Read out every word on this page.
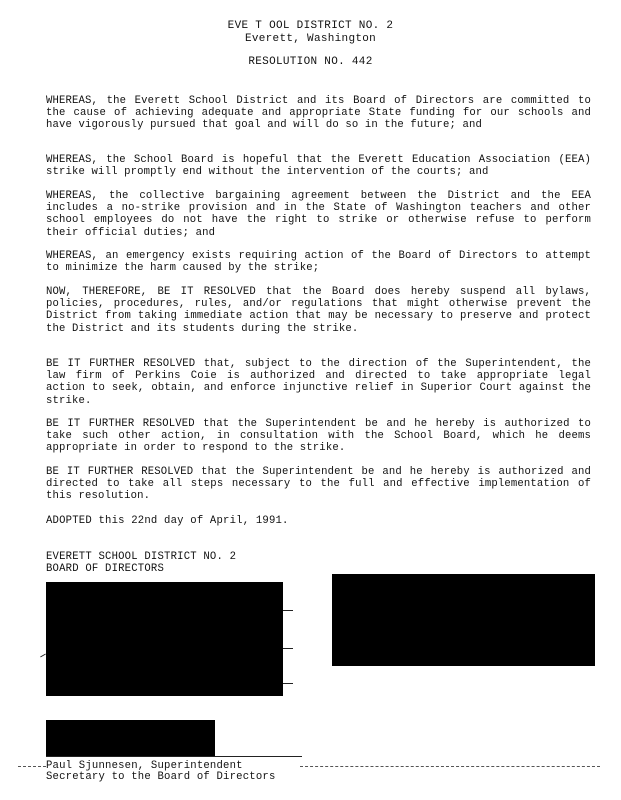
EVE T OOL DISTRICT NO. 2
Everett, Washington
RESOLUTION NO. 442
WHEREAS, the Everett School District and its Board of Directors are committed to the cause of achieving adequate and appropriate State funding for our schools and have vigorously pursued that goal and will do so in the future; and
WHEREAS, the School Board is hopeful that the Everett Education Association (EEA) strike will promptly end without the intervention of the courts; and
WHEREAS, the collective bargaining agreement between the District and the EEA includes a no-strike provision and in the State of Washington teachers and other school employees do not have the right to strike or otherwise refuse to perform their official duties; and
WHEREAS, an emergency exists requiring action of the Board of Directors to attempt to minimize the harm caused by the strike;
NOW, THEREFORE, BE IT RESOLVED that the Board does hereby suspend all bylaws, policies, procedures, rules, and/or regulations that might otherwise prevent the District from taking immediate action that may be necessary to preserve and protect the District and its students during the strike.
BE IT FURTHER RESOLVED that, subject to the direction of the Superintendent, the law firm of Perkins Coie is authorized and directed to take appropriate legal action to seek, obtain, and enforce injunctive relief in Superior Court against the strike.
BE IT FURTHER RESOLVED that the Superintendent be and he hereby is authorized to take such other action, in consultation with the School Board, which he deems appropriate in order to respond to the strike.
BE IT FURTHER RESOLVED that the Superintendent be and he hereby is authorized and directed to take all steps necessary to the full and effective implementation of this resolution.
ADOPTED this 22nd day of April, 1991.
EVERETT SCHOOL DISTRICT NO. 2
BOARD OF DIRECTORS
Paul Sjunnesen, Superintendent
Secretary to the Board of Directors
